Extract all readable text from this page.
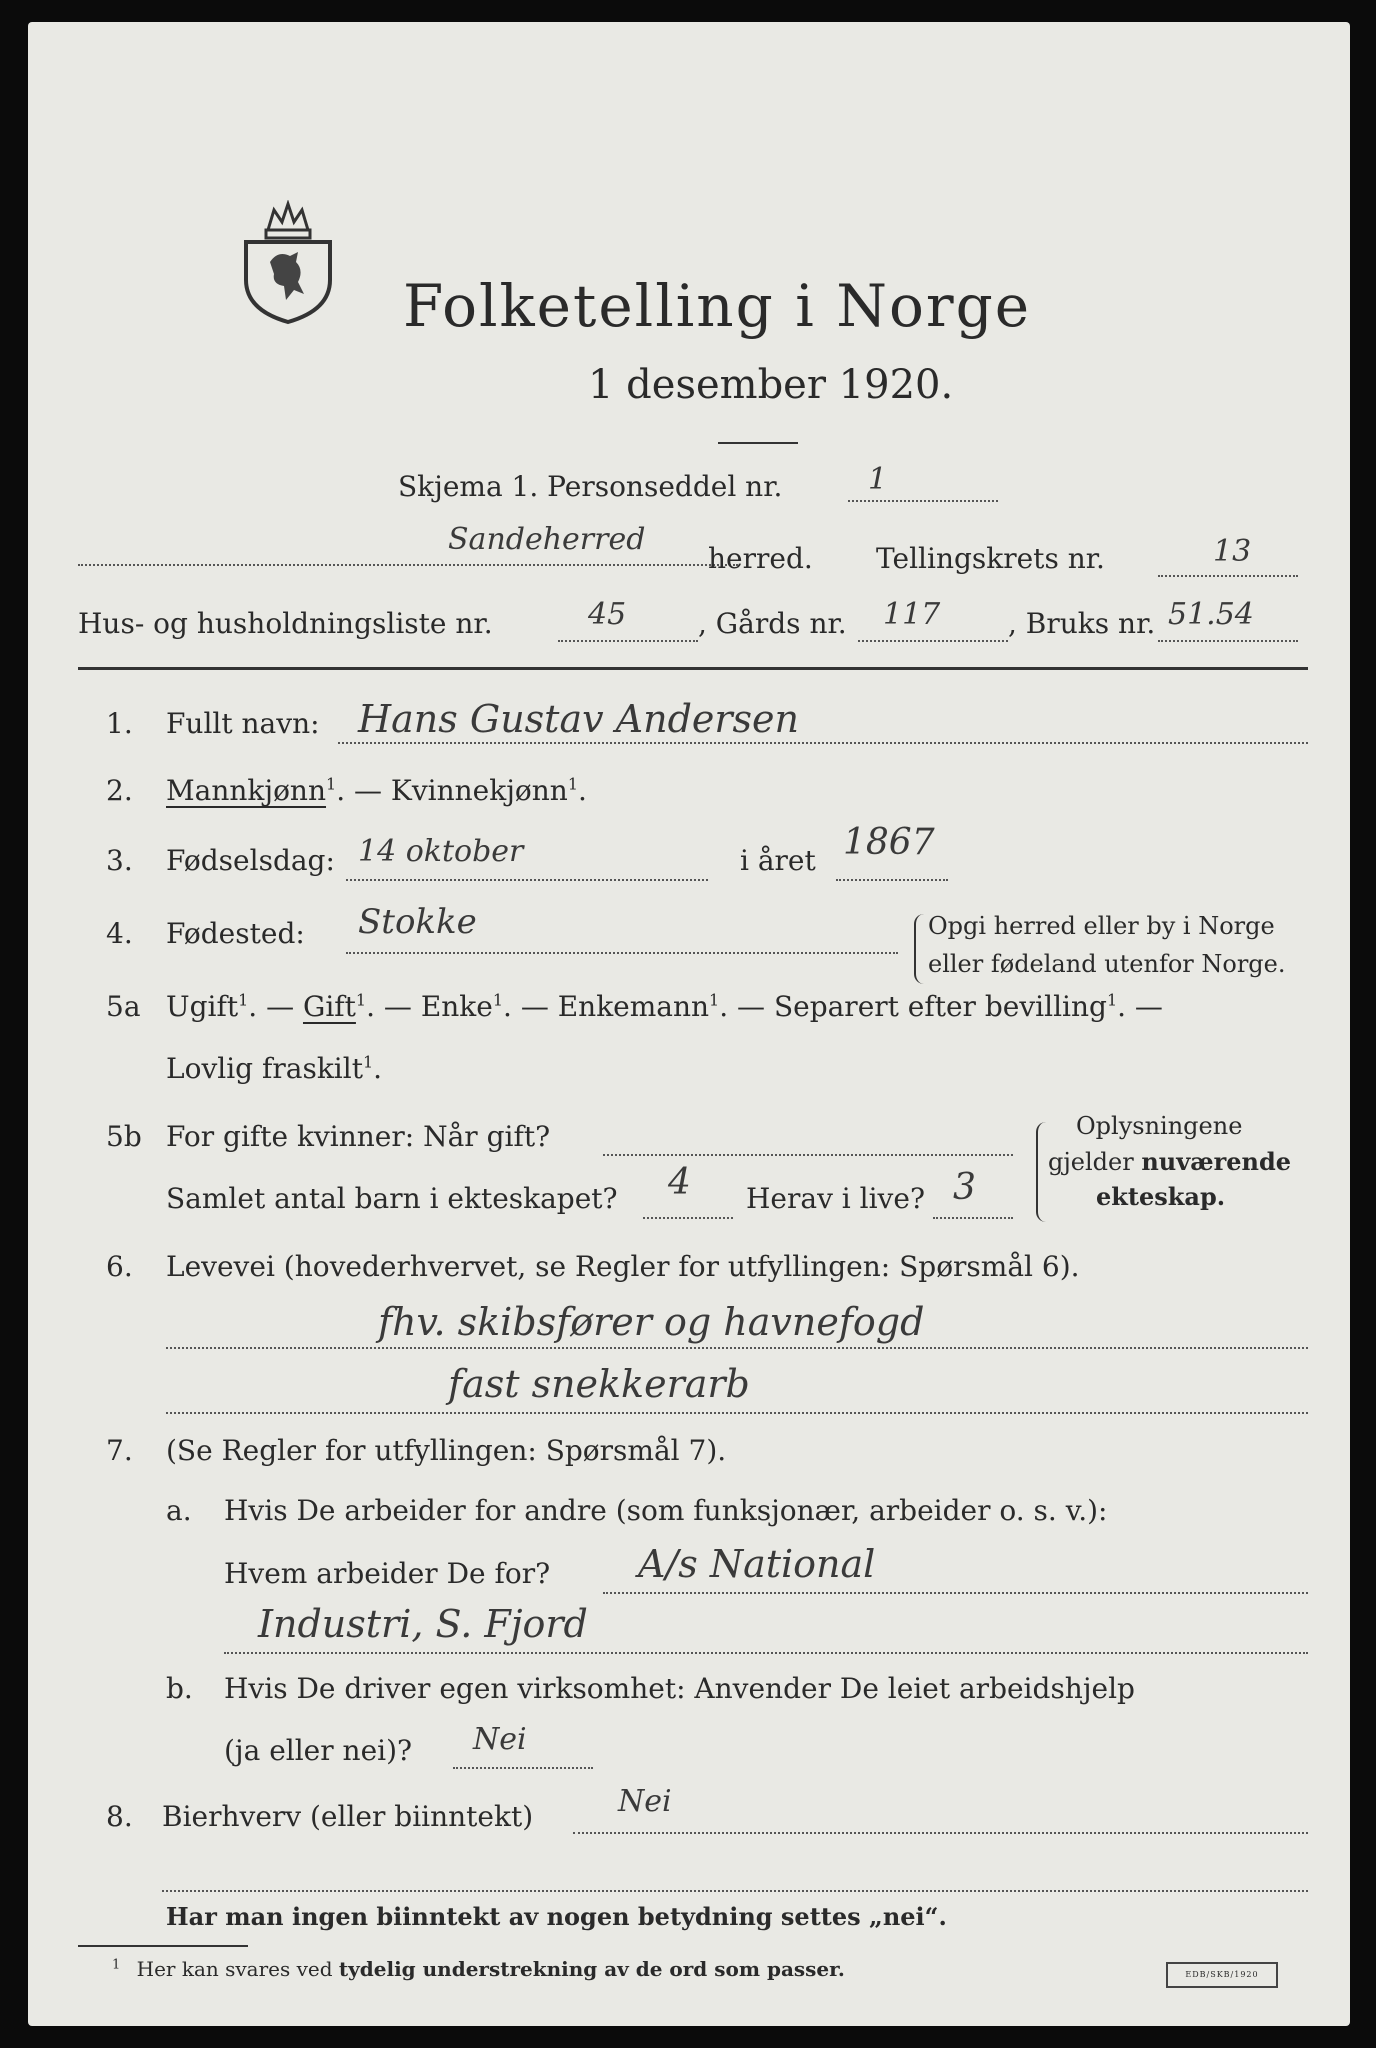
Folketelling i Norge
1 desember 1920.
Skjema 1. Personseddel nr.	1
Sandeherred
herred. Tellingskrets nr.	13
Hus- og husholdningsliste nr.	45	, Gårds nr. 117 , Bruks nr. 51.54
1. Fullt navn: Hans Gustav Andersen
2. Mannkjønn$^1$. — Kvinnekjønn$^1$.
3. Fødselsdag: 14 oktober	i året 1867
4. Fødested: Stokke	Opgi herred eller by i Norge
eller fødeland utenfor Norge.
5a Ugift$^1$. — Gift$^1$. — Enke$^1$. — Enkemann$^1$. — Separert efter bevilling$^1$. —
Lovlig fraskilt$^1$.
5b For gifte kvinner: Når gift?
Samlet antal barn i ekteskapet? 4 Herav i live? 3
Oplysningene
gjelder nuværende
ekteskap.
6. Levevei (hovederhvervet, se Regler for utfyllingen: Spørsmål 6).
fhv. skibsfører og havnefogd
fast snekkerarb
7. (Se Regler for utfyllingen: Spørsmål 7).
a. Hvis De arbeider for andre (som funksjonær, arbeider o. s. v.):
Hvem arbeider De for? A/s National
Industri, S. Fjord
b. Hvis De driver egen virksomhet: Anvender De leiet arbeidshjelp
(ja eller nei)? Nei
8. Bierhverv (eller biinntekt)	Nei
Har man ingen biinntekt av nogen betydning settes „nei“.
$^1$ Her kan svares ved tydelig understrekning av de ord som passer.	EDB/SKB/1920
